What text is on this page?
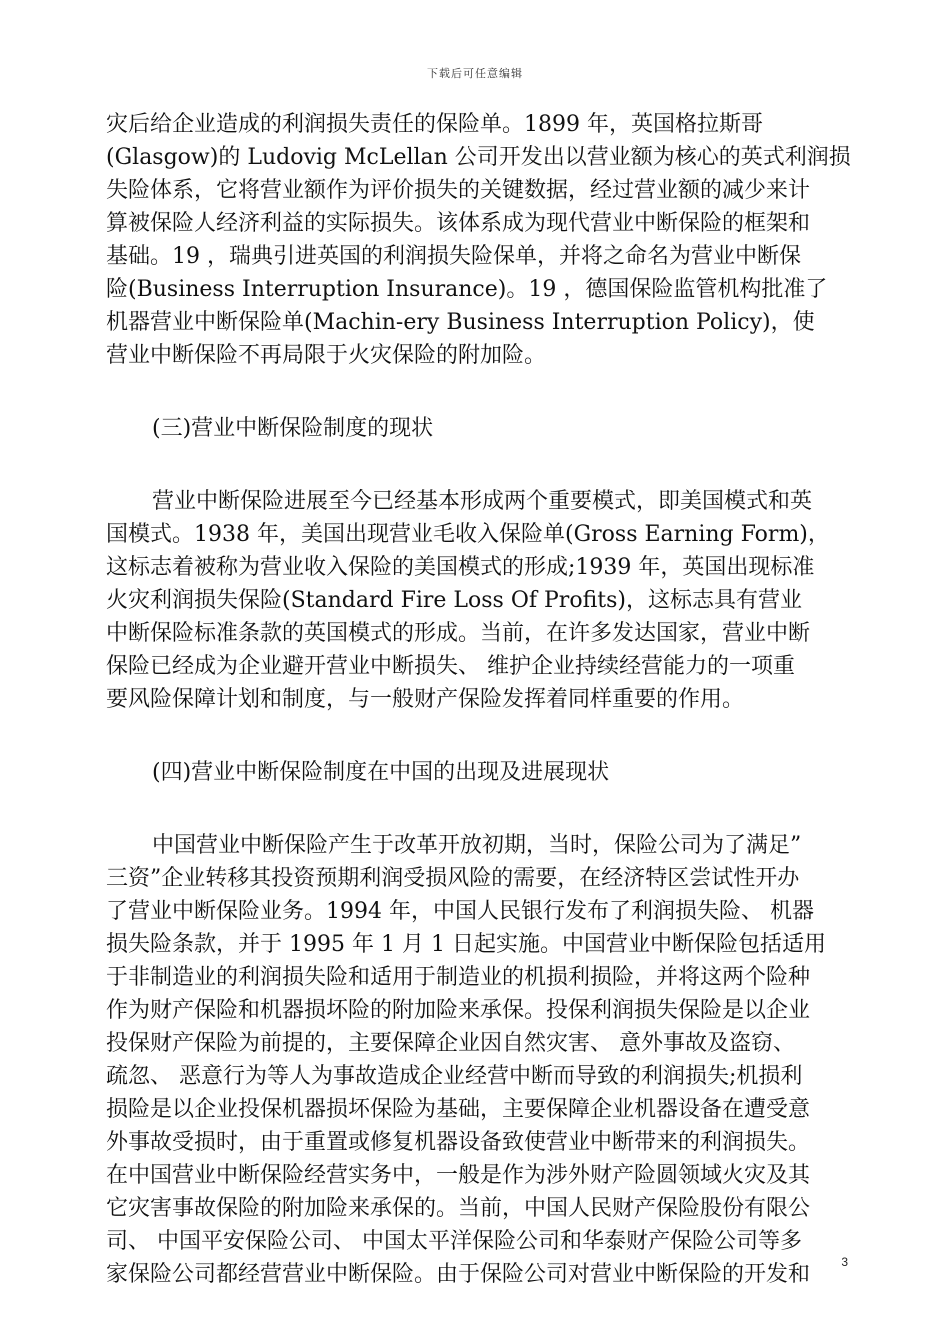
下载后可任意编辑
灾后给企业造成的利润损失责任的保险单。1899 年，英国格拉斯哥
(Glasgow)的 Ludovig McLellan 公司开发出以营业额为核心的英式利润损
失险体系，它将营业额作为评价损失的关键数据，经过营业额的减少来计
算被保险人经济利益的实际损失。该体系成为现代营业中断保险的框架和
基础。19 ，瑞典引进英国的利润损失险保单，并将之命名为营业中断保
险(Business Interruption Insurance)。19 ，德国保险监管机构批准了
机器营业中断保险单(Machin-ery Business Interruption Policy)，使
营业中断保险不再局限于火灾保险的附加险。
(三)营业中断保险制度的现状
营业中断保险进展至今已经基本形成两个重要模式，即美国模式和英
国模式。1938 年，美国出现营业毛收入保险单(Gross Earning Form)，
这标志着被称为营业收入保险的美国模式的形成;1939 年，英国出现标准
火灾利润损失保险(Standard Fire Loss Of Profits)，这标志具有营业
中断保险标准条款的英国模式的形成。当前，在许多发达国家，营业中断
保险已经成为企业避开营业中断损失、 维护企业持续经营能力的一项重
要风险保障计划和制度，与一般财产保险发挥着同样重要的作用。
(四)营业中断保险制度在中国的出现及进展现状
中国营业中断保险产生于改革开放初期，当时，保险公司为了满足”
三资”企业转移其投资预期利润受损风险的需要，在经济特区尝试性开办
了营业中断保险业务。1994 年，中国人民银行发布了利润损失险、 机器
损失险条款，并于 1995 年 1 月 1 日起实施。中国营业中断保险包括适用
于非制造业的利润损失险和适用于制造业的机损利损险，并将这两个险种
作为财产保险和机器损坏险的附加险来承保。投保利润损失保险是以企业
投保财产保险为前提的，主要保障企业因自然灾害、 意外事故及盗窃、
疏忽、 恶意行为等人为事故造成企业经营中断而导致的利润损失;机损利
损险是以企业投保机器损坏保险为基础，主要保障企业机器设备在遭受意
外事故受损时，由于重置或修复机器设备致使营业中断带来的利润损失。
在中国营业中断保险经营实务中，一般是作为涉外财产险圆领域火灾及其
它灾害事故保险的附加险来承保的。当前，中国人民财产保险股份有限公
司、 中国平安保险公司、 中国太平洋保险公司和华泰财产保险公司等多
家保险公司都经营营业中断保险。由于保险公司对营业中断保险的开发和	3
